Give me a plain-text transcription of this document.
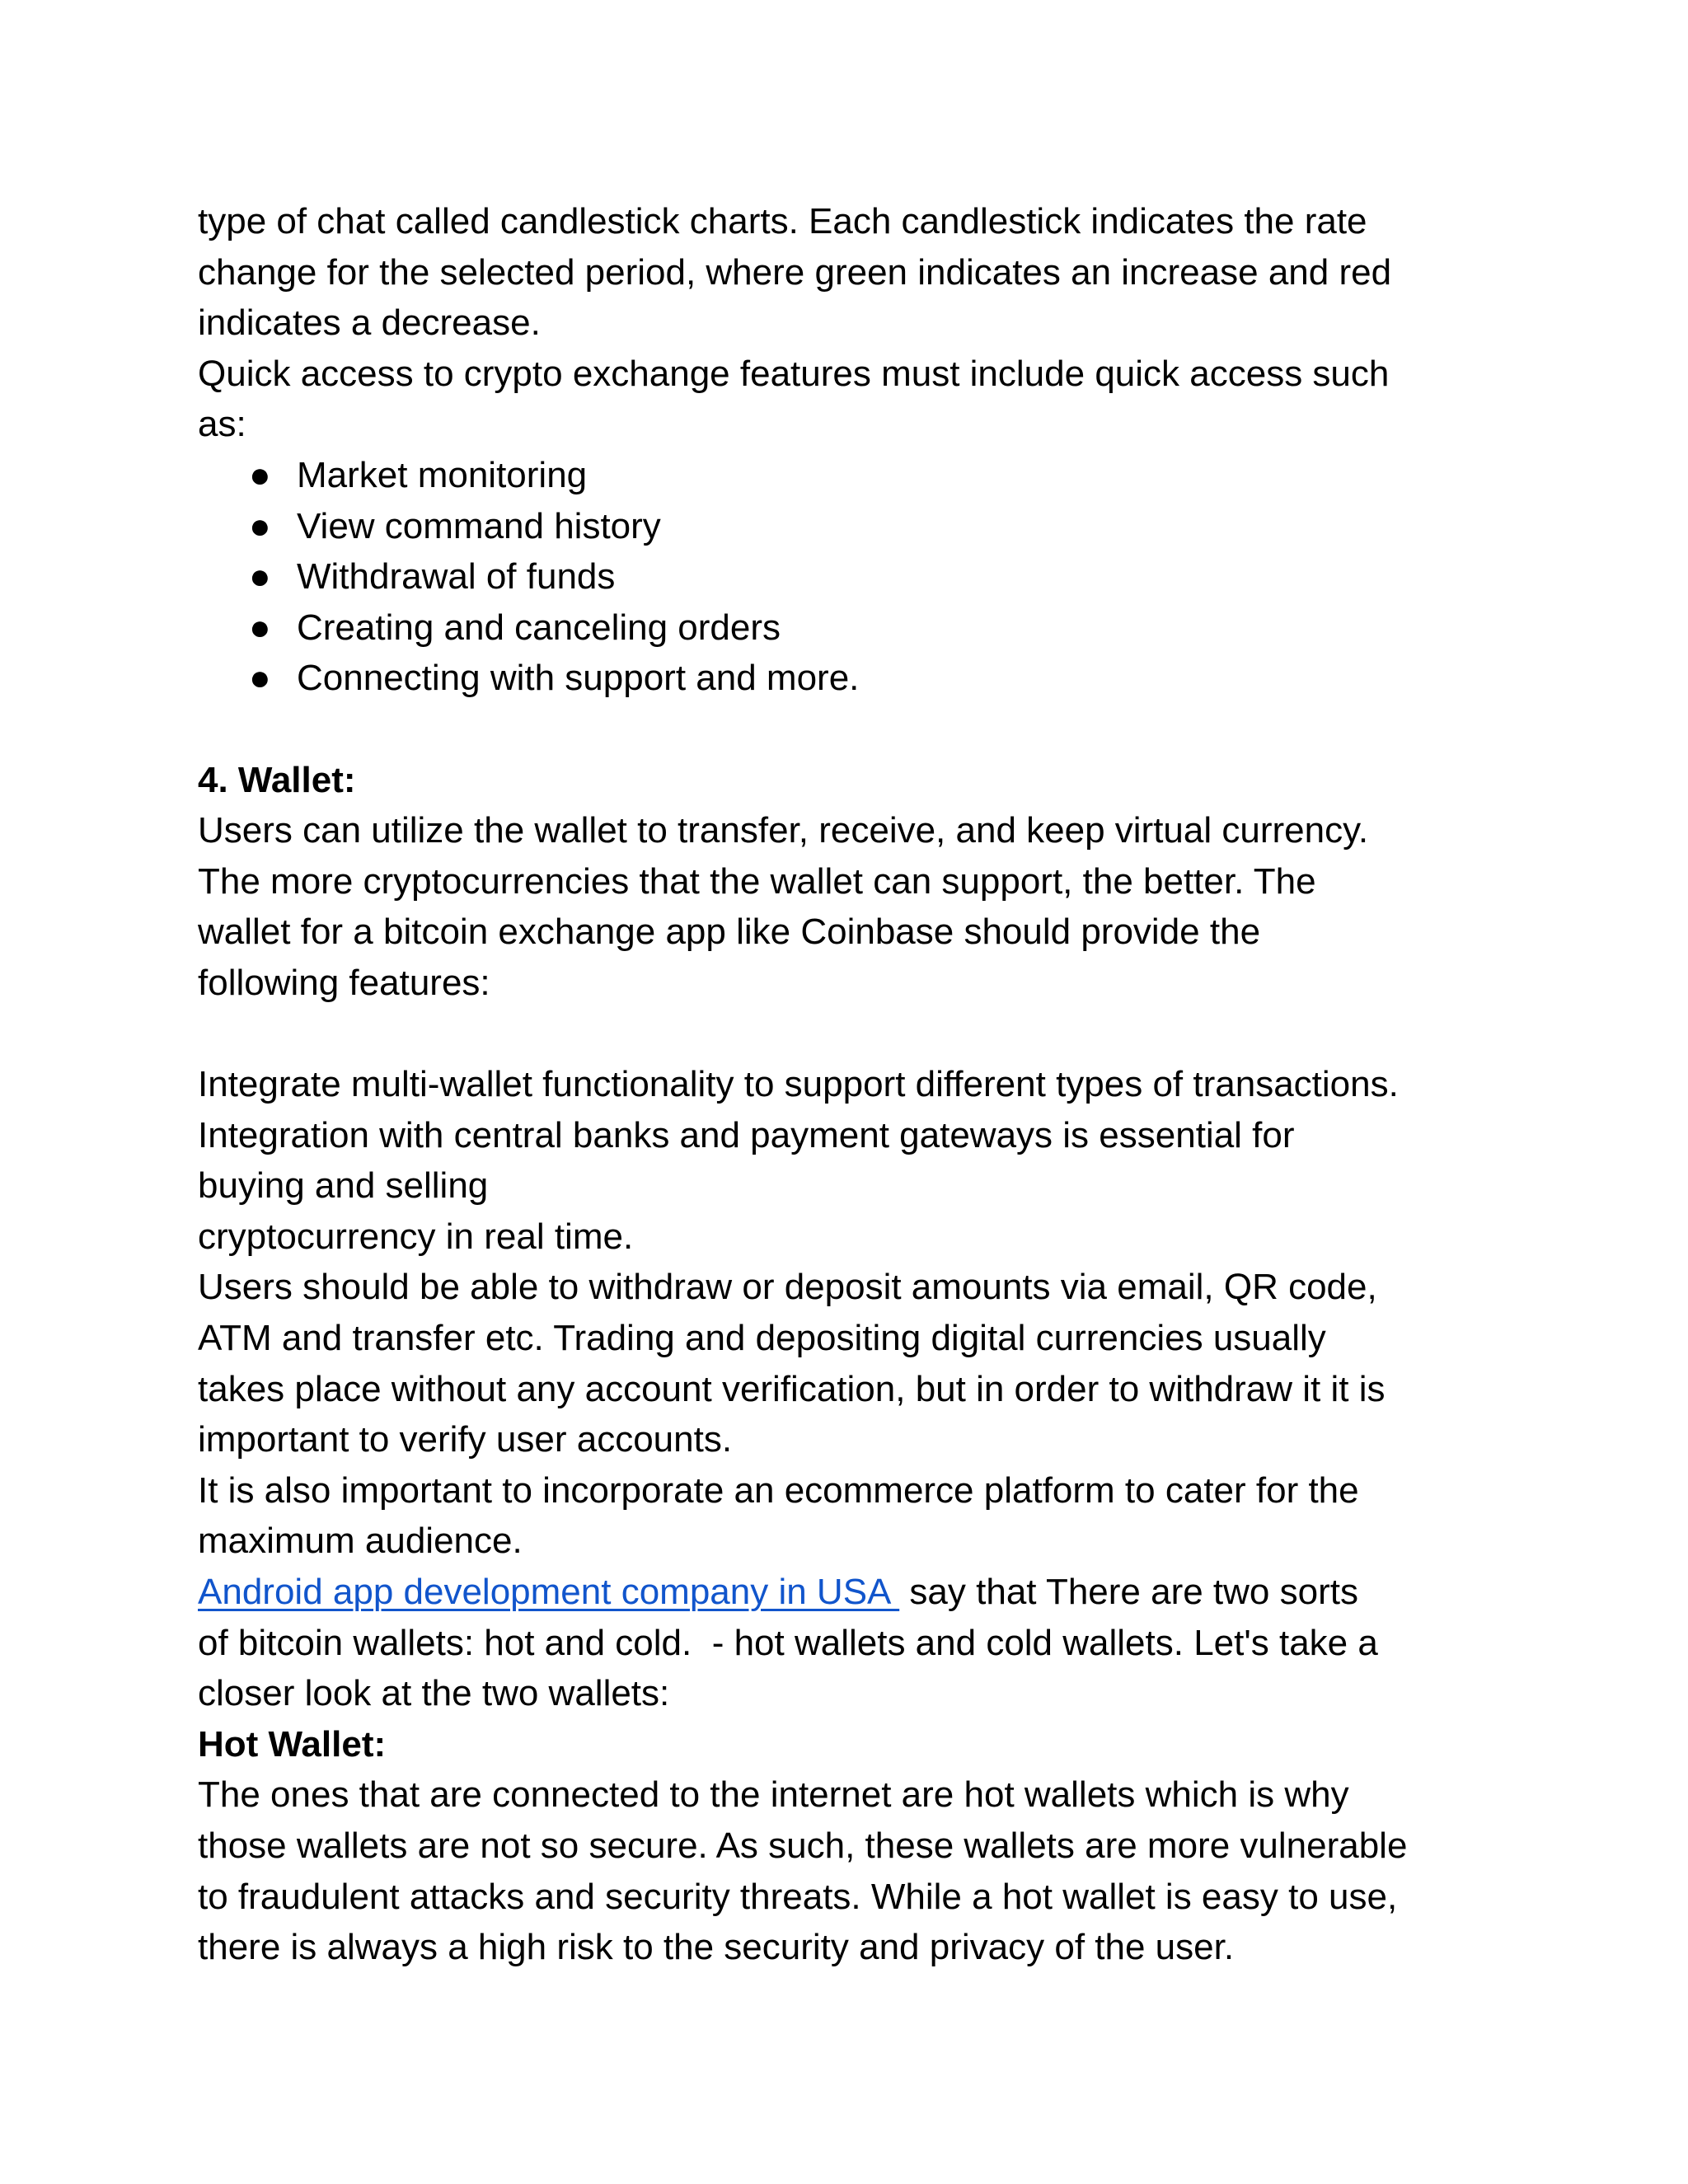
type of chat called candlestick charts. Each candlestick indicates the rate
change for the selected period, where green indicates an increase and red
indicates a decrease.
Quick access to crypto exchange features must include quick access such
as:
● Market monitoring
● View command history
● Withdrawal of funds
● Creating and canceling orders
● Connecting with support and more.
4. Wallet:
Users can utilize the wallet to transfer, receive, and keep virtual currency.
The more cryptocurrencies that the wallet can support, the better. The
wallet for a bitcoin exchange app like Coinbase should provide the
following features:
Integrate multi-wallet functionality to support different types of transactions.
Integration with central banks and payment gateways is essential for
buying and selling
cryptocurrency in real time.
Users should be able to withdraw or deposit amounts via email, QR code,
ATM and transfer etc. Trading and depositing digital currencies usually
takes place without any account verification, but in order to withdraw it it is
important to verify user accounts.
It is also important to incorporate an ecommerce platform to cater for the
maximum audience.
Android app development company in USA  say that There are two sorts
of bitcoin wallets: hot and cold.  - hot wallets and cold wallets. Let's take a
closer look at the two wallets:
Hot Wallet:
The ones that are connected to the internet are hot wallets which is why
those wallets are not so secure. As such, these wallets are more vulnerable
to fraudulent attacks and security threats. While a hot wallet is easy to use,
there is always a high risk to the security and privacy of the user.
